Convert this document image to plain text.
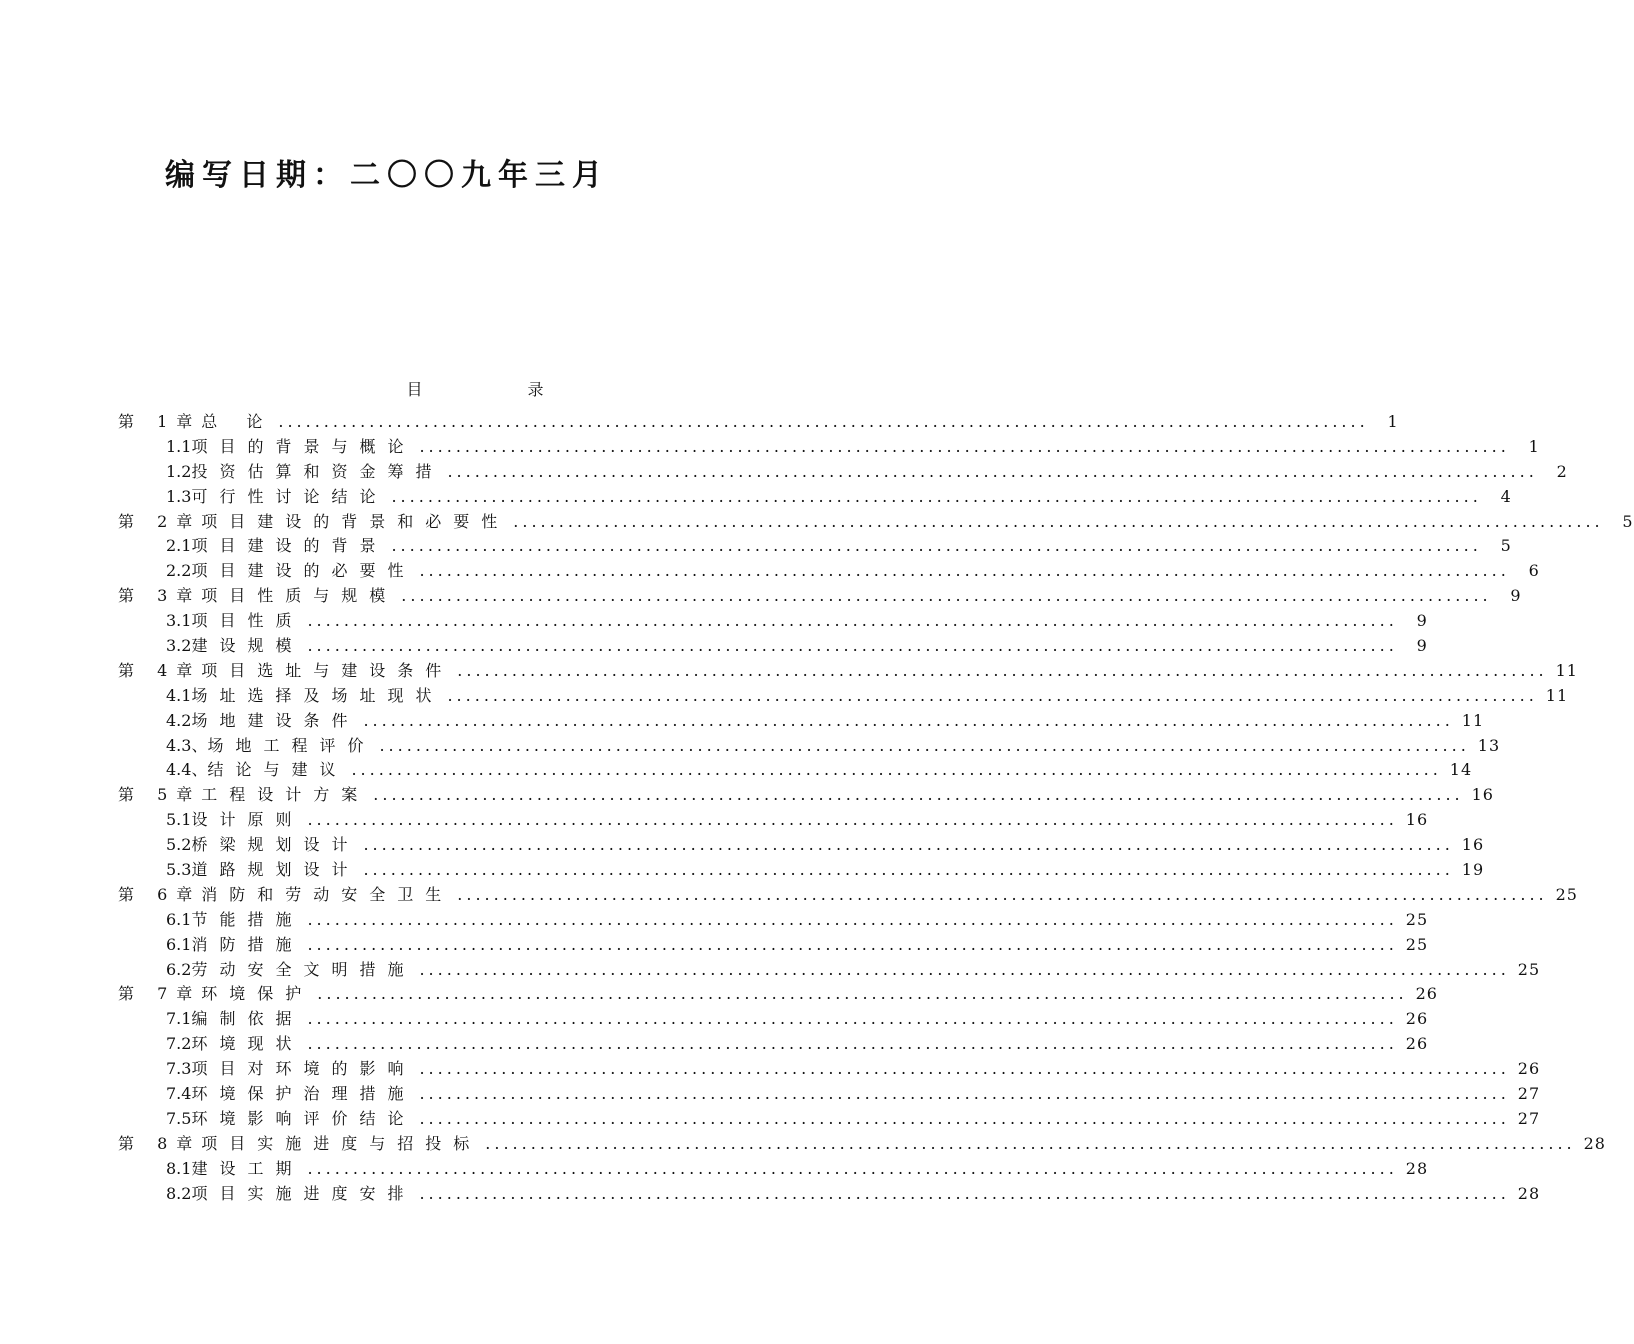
编写日期：二〇〇九年三月
目 录
第 1章 总 论 ........................................................................................................................	1
1.1 项目的背景与概论 ........................................................................................................................	1
1.2 投资估算和资金筹措 ........................................................................................................................	2
1.3 可行性讨论结论 ........................................................................................................................	4
第 2章 项目建设的背景和必要性 ........................................................................................................................	5
2.1 项目建设的背景 ........................................................................................................................	5
2.2 项目建设的必要性 ........................................................................................................................	6
第 3章 项目性质与规模 ........................................................................................................................	9
3.1 项目性质 ........................................................................................................................	9
3.2 建设规模 ........................................................................................................................	9
第 4章 项目选址与建设条件 ........................................................................................................................ 11
4.1 场址选择及场址现状 ........................................................................................................................ 11
4.2 场地建设条件 ........................................................................................................................ 11
4.3、 场地工程评价 ........................................................................................................................ 13
4.4、 结论与建议 ........................................................................................................................ 14
第 5章 工程设计方案 ........................................................................................................................ 16
5.1 设计原则 ........................................................................................................................ 16
5.2 桥梁规划设计 ........................................................................................................................ 16
5.3 道路规划设计 ........................................................................................................................ 19
第 6章 消防和劳动安全卫生 ........................................................................................................................ 25
6.1 节能措施 ........................................................................................................................ 25
6.1 消防措施 ........................................................................................................................ 25
6.2 劳动安全文明措施 ........................................................................................................................ 25
第 7章 环境保护 ........................................................................................................................ 26
7.1 编制依据 ........................................................................................................................ 26
7.2 环境现状 ........................................................................................................................ 26
7.3 项目对环境的影响 ........................................................................................................................ 26
7.4 环境保护治理措施 ........................................................................................................................ 27
7.5 环境影响评价结论 ........................................................................................................................ 27
第 8章 项目实施进度与招投标 ........................................................................................................................ 28
8.1 建设工期 ........................................................................................................................ 28
8.2 项目实施进度安排 ........................................................................................................................ 28
